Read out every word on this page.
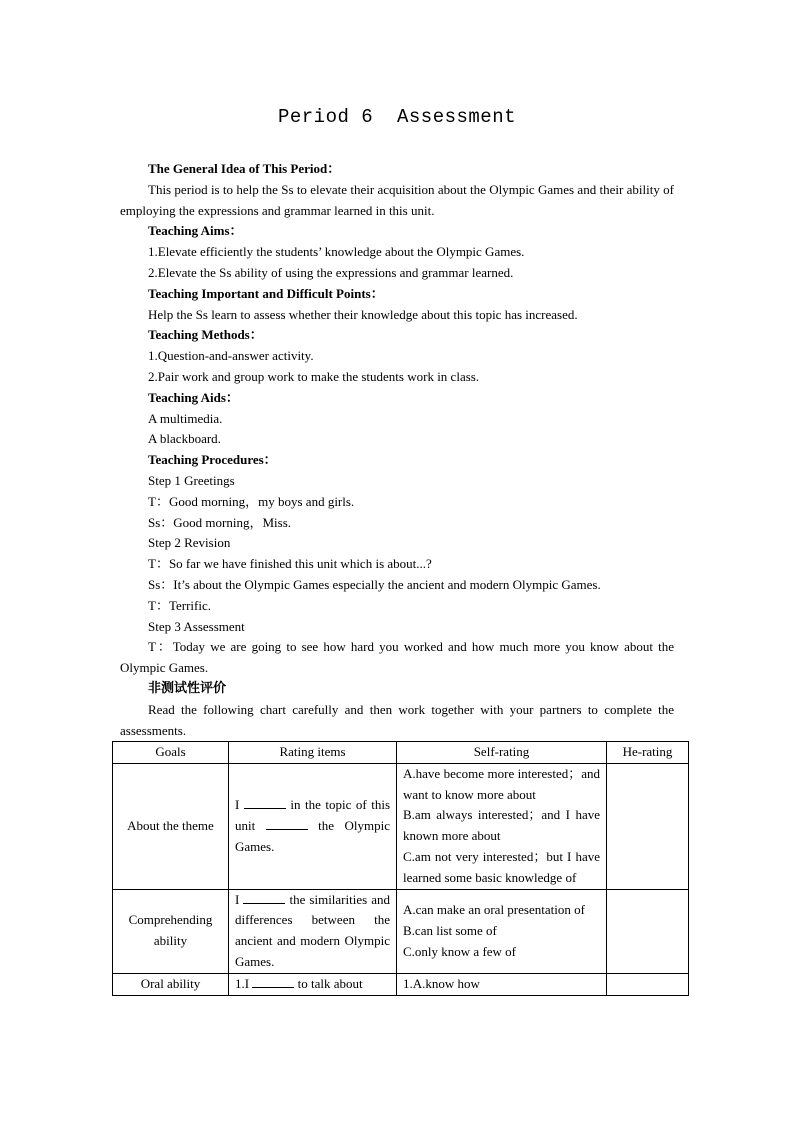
Period 6  Assessment

The General Idea of This Period：

This period is to help the Ss to elevate their acquisition about the Olympic Games and their ability of employing the expressions and grammar learned in this unit.

Teaching Aims：

1.Elevate efficiently the students’ knowledge about the Olympic Games.

2.Elevate the Ss ability of using the expressions and grammar learned.

Teaching Important and Difficult Points：

Help the Ss learn to assess whether their knowledge about this topic has increased.

Teaching Methods：

1.Question-and-answer activity.

2.Pair work and group work to make the students work in class.

Teaching Aids：

A multimedia.

A blackboard.

Teaching Procedures：

Step 1 Greetings

T：Good morning，my boys and girls.

Ss：Good morning，Miss.

Step 2 Revision

T：So far we have finished this unit which is about...?

Ss：It’s about the Olympic Games especially the ancient and modern Olympic Games.

T：Terrific.

Step 3 Assessment

T：Today we are going to see how hard you worked and how much more you know about the Olympic Games.

非测试性评价

Read the following chart carefully and then work together with your partners to complete the assessments.

Goals	Rating items	Self-rating	He-rating
About the theme	I in the topic of this unit the Olympic Games.	A.have become more interested；and want to know more about
B.am always interested；and I have known more about
C.am not very interested；but I have learned some basic knowledge of	

Comprehending ability	I the similarities and differences between the ancient and modern Olympic Games.	A.can make an oral presentation of
B.can list some of
C.only know a few of	

Oral ability	1.I to talk about	1.A.know how	
